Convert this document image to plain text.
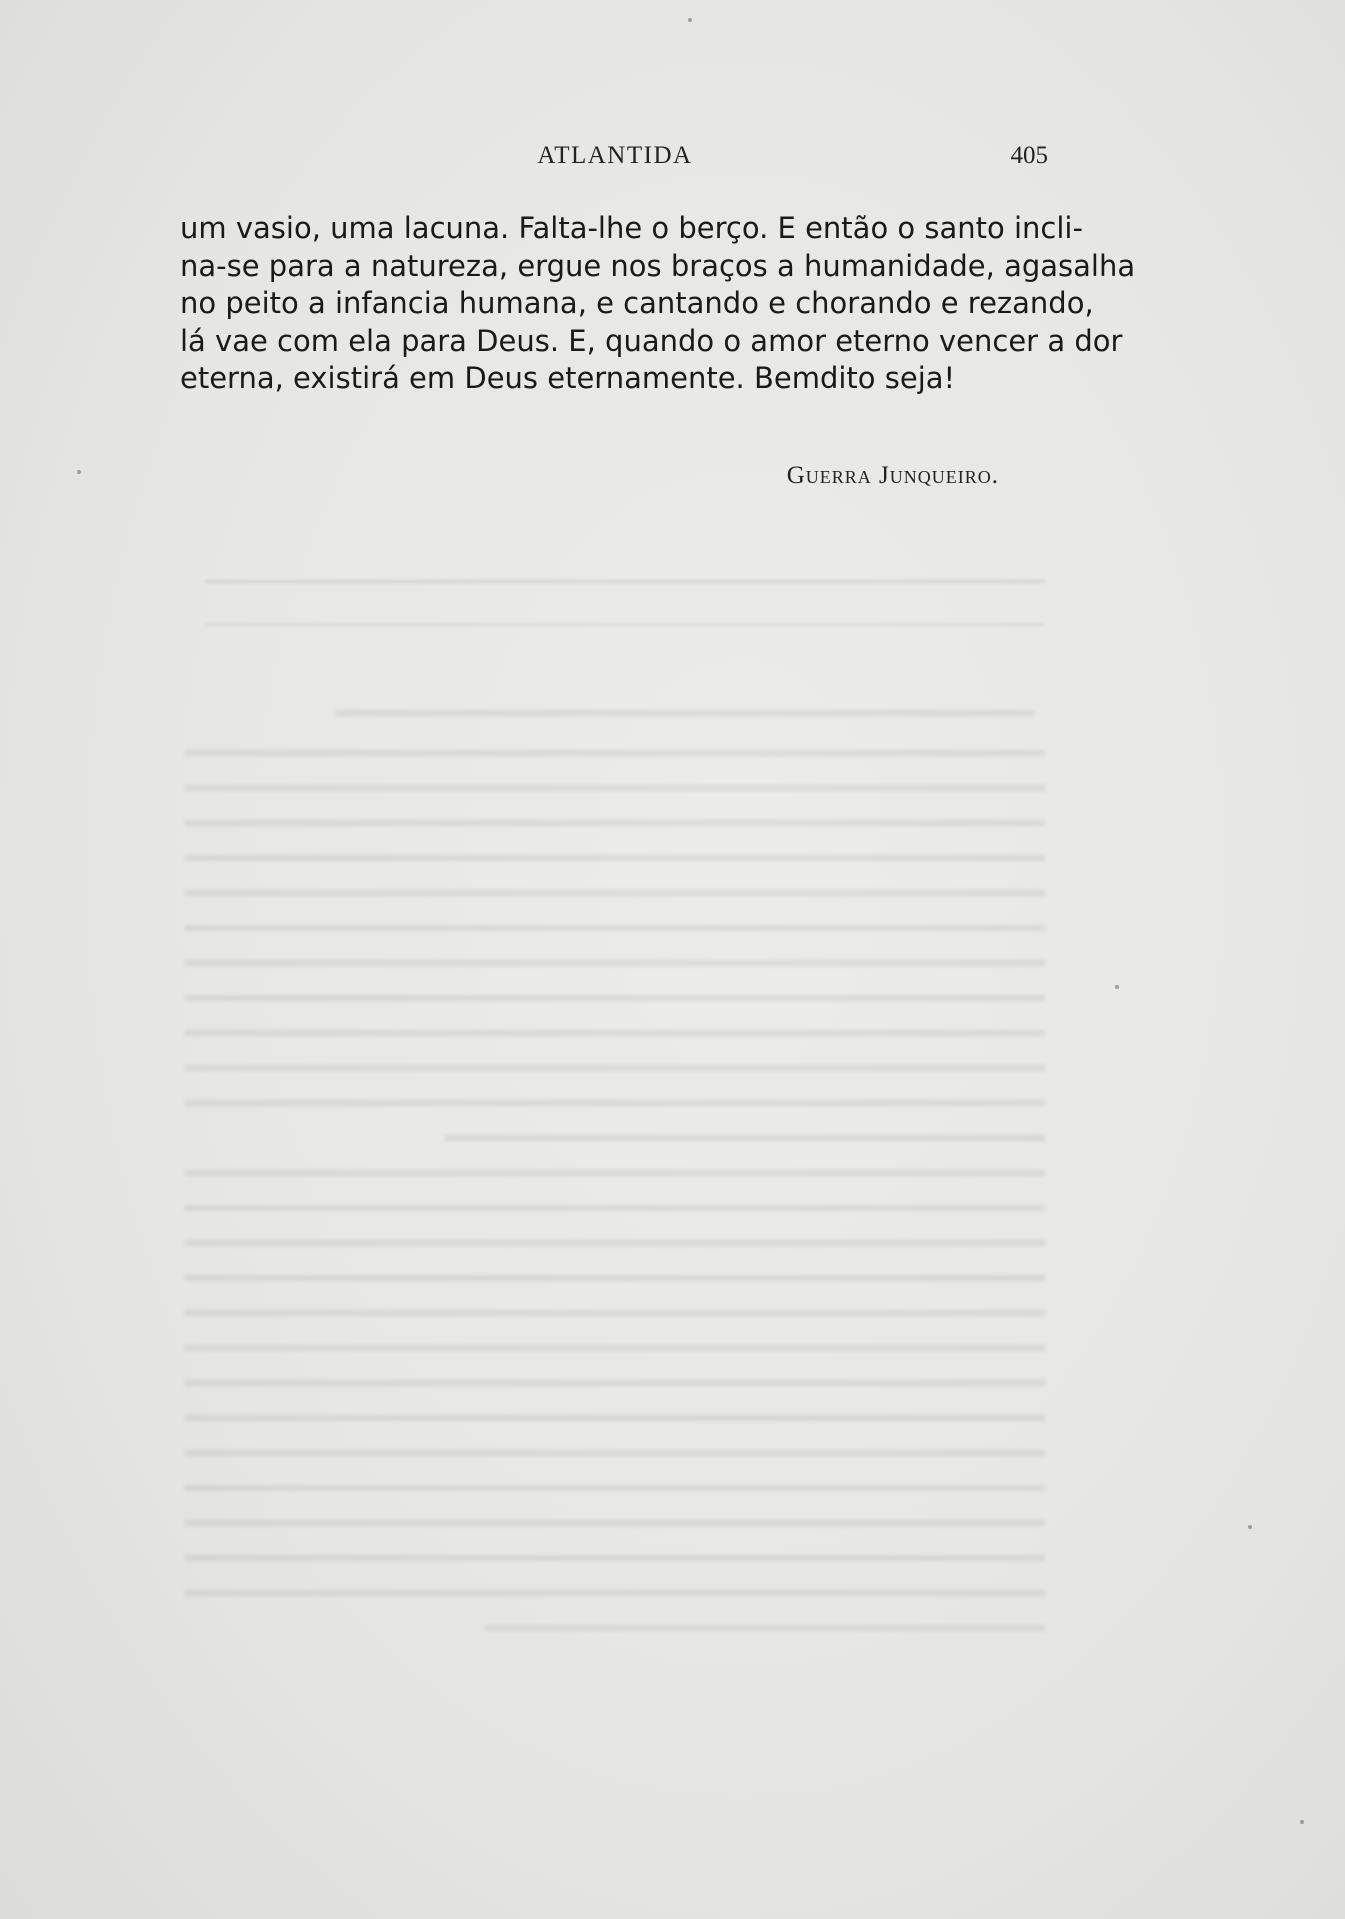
ATLANTIDA	405
um vasio, uma lacuna. Falta-lhe o berço. E então o santo incli-
na-se para a natureza, ergue nos braços a humanidade, agasalha
no peito a infancia humana, e cantando e chorando e rezando,
lá vae com ela para Deus. E, quando o amor eterno vencer a dor
eterna, existirá em Deus eternamente. Bemdito seja!
Guerra Junqueiro.
